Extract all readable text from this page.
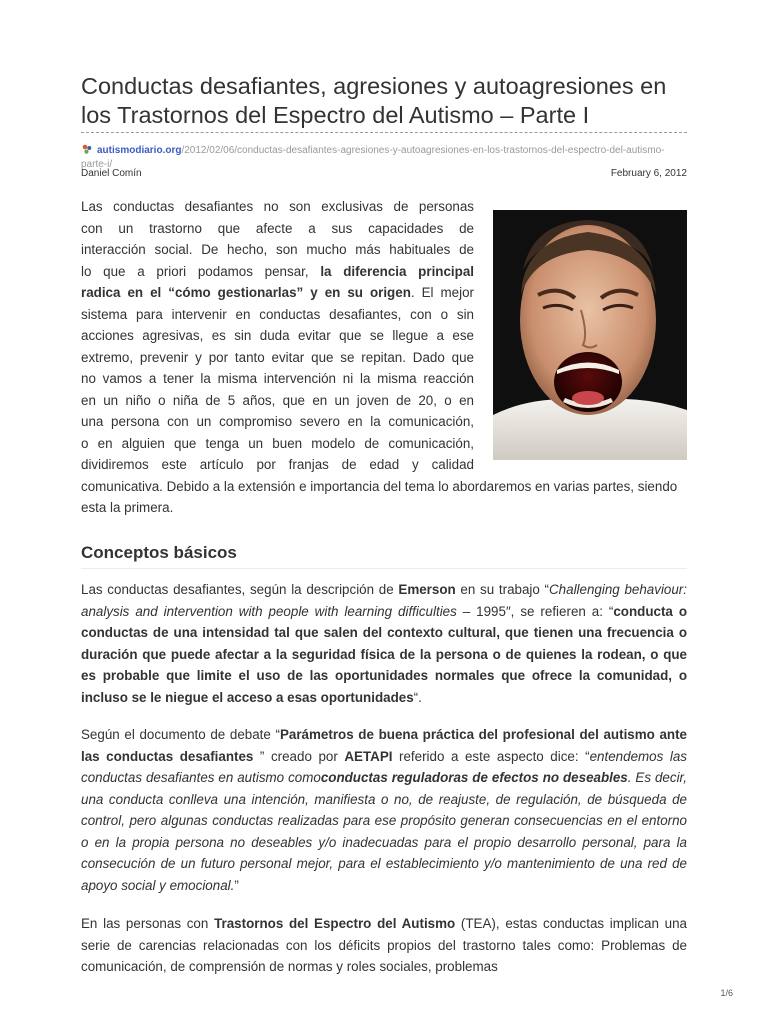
Conductas desafiantes, agresiones y autoagresiones en los Trastornos del Espectro del Autismo – Parte I
autismodiario.org/2012/02/06/conductas-desafiantes-agresiones-y-autoagresiones-en-los-trastornos-del-espectro-del-autismo-parte-i/
Daniel Comín	February 6, 2012

Las conductas desafiantes no son exclusivas de personas
con un trastorno que afecte a sus capacidades de
interacción social. De hecho, son mucho más habituales de
lo que a priori podamos pensar, la diferencia principal
radica en el “cómo gestionarlas” y en su origen. El mejor
sistema para intervenir en conductas desafiantes, con o sin
acciones agresivas, es sin duda evitar que se llegue a ese
extremo, prevenir y por tanto evitar que se repitan. Dado que
no vamos a tener la misma intervención ni la misma reacción
en un niño o niña de 5 años, que en un joven de 20, o en
una persona con un compromiso severo en la comunicación,
o en alguien que tenga un buen modelo de comunicación,
dividiremos este artículo por franjas de edad y calidad
comunicativa. Debido a la extensión e importancia del tema lo abordaremos en varias partes, siendo esta la primera.

Conceptos básicos

Las conductas desafiantes, según la descripción de Emerson en su trabajo “Challenging behaviour: analysis and intervention with people with learning difficulties – 1995″, se refieren a: “conducta o conductas de una intensidad tal que salen del contexto cultural, que tienen una frecuencia o duración que puede afectar a la seguridad física de la persona o de quienes la rodean, o que es probable que limite el uso de las oportunidades normales que ofrece la comunidad, o incluso se le niegue el acceso a esas oportunidades“.

Según el documento de debate “Parámetros de buena práctica del profesional del autismo ante las conductas desafiantes ” creado por AETAPI referido a este aspecto dice: “entendemos las conductas desafiantes en autismo comoconductas reguladoras de efectos no deseables. Es decir, una conducta conlleva una intención, manifiesta o no, de reajuste, de regulación, de búsqueda de control, pero algunas conductas realizadas para ese propósito generan consecuencias en el entorno o en la propia persona no deseables y/o inadecuadas para el propio desarrollo personal, para la consecución de un futuro personal mejor, para el establecimiento y/o mantenimiento de una red de apoyo social y emocional.”

En las personas con Trastornos del Espectro del Autismo (TEA), estas conductas implican una serie de carencias relacionadas con los déficits propios del trastorno tales como: Problemas de comunicación, de comprensión de normas y roles sociales, problemas

1/6
